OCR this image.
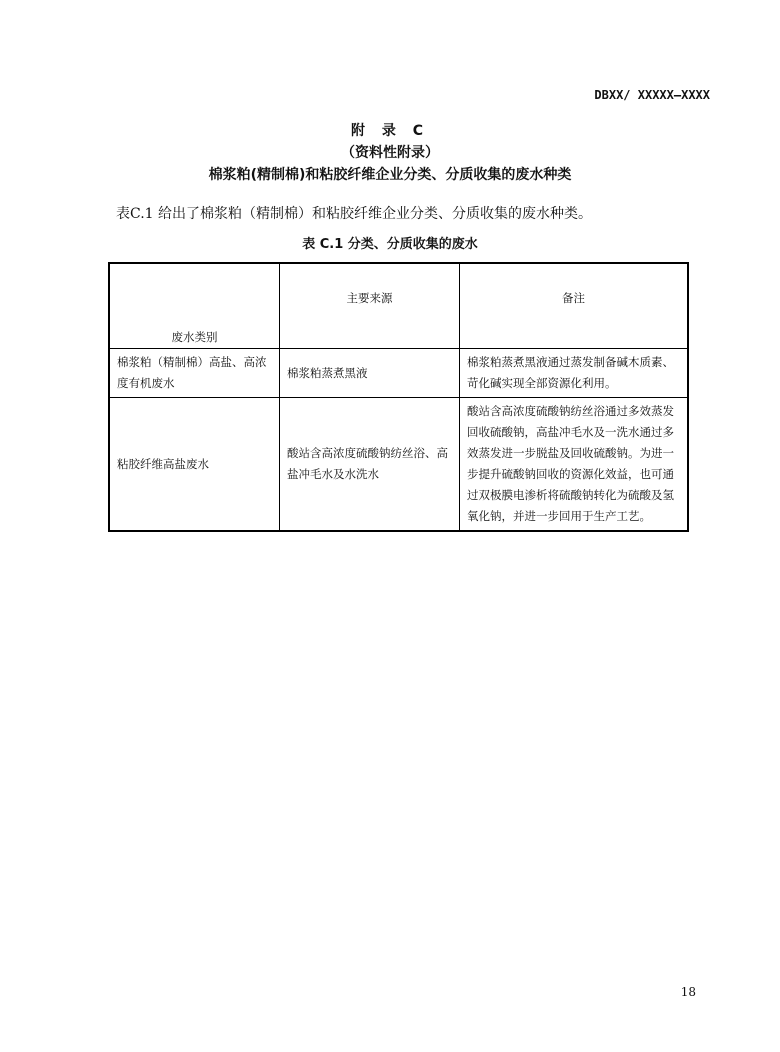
DBXX/ XXXXX—XXXX
附 录 C
（资料性附录）
棉浆粕(精制棉)和粘胶纤维企业分类、分质收集的废水种类
表C.1 给出了棉浆粕（精制棉）和粘胶纤维企业分类、分质收集的废水种类。
表 C.1 分类、分质收集的废水
废水类别	主要来源	备注
棉浆粕（精制棉）高盐、高浓度有机废水	棉浆粕蒸煮黑液	棉浆粕蒸煮黑液通过蒸发制备碱木质素、苛化碱实现全部资源化利用。
粘胶纤维高盐废水	酸站含高浓度硫酸钠纺丝浴、高盐冲毛水及水洗水	酸站含高浓度硫酸钠纺丝浴通过多效蒸发回收硫酸钠，高盐冲毛水及一洗水通过多效蒸发进一步脱盐及回收硫酸钠。为进一步提升硫酸钠回收的资源化效益，也可通过双极膜电渗析将硫酸钠转化为硫酸及氢氧化钠，并进一步回用于生产工艺。
18
